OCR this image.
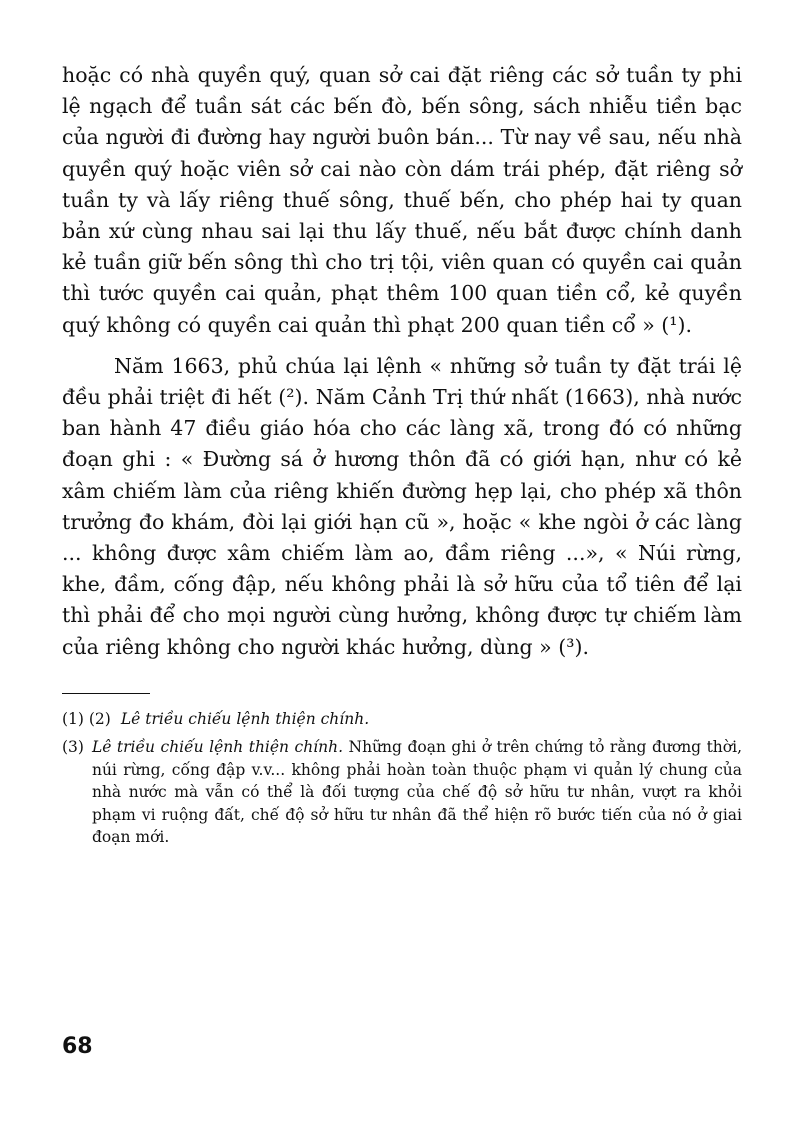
hoặc có nhà quyền quý, quan sở cai đặt riêng các sở tuần ty phi lệ ngạch để tuần sát các bến đò, bến sông, sách nhiễu tiền bạc của người đi đường hay người buôn bán... Từ nay về sau, nếu nhà quyền quý hoặc viên sở cai nào còn dám trái phép, đặt riêng sở tuần ty và lấy riêng thuế sông, thuế bến, cho phép hai ty quan bản xứ cùng nhau sai lại thu lấy thuế, nếu bắt được chính danh kẻ tuần giữ bến sông thì cho trị tội, viên quan có quyền cai quản thì tước quyền cai quản, phạt thêm 100 quan tiền cổ, kẻ quyền quý không có quyền cai quản thì phạt 200 quan tiền cổ » (¹).

Năm 1663, phủ chúa lại lệnh « những sở tuần ty đặt trái lệ đều phải triệt đi hết (²). Năm Cảnh Trị thứ nhất (1663), nhà nước ban hành 47 điều giáo hóa cho các làng xã, trong đó có những đoạn ghi : « Đường sá ở hương thôn đã có giới hạn, như có kẻ xâm chiếm làm của riêng khiến đường hẹp lại, cho phép xã thôn trưởng đo khám, đòi lại giới hạn cũ », hoặc « khe ngòi ở các làng ... không được xâm chiếm làm ao, đầm riêng ...», « Núi rừng, khe, đầm, cống đập, nếu không phải là sở hữu của tổ tiên để lại thì phải để cho mọi người cùng hưởng, không được tự chiếm làm của riêng không cho người khác hưởng, dùng » (³).

(1) (2) Lê triều chiếu lệnh thiện chính.
(3) Lê triều chiếu lệnh thiện chính. Những đoạn ghi ở trên chứng tỏ rằng đương thời, núi rừng, cống đập v.v... không phải hoàn toàn thuộc phạm vi quản lý chung của nhà nước mà vẫn có thể là đối tượng của chế độ sở hữu tư nhân, vượt ra khỏi phạm vi ruộng đất, chế độ sở hữu tư nhân đã thể hiện rõ bước tiến của nó ở giai đoạn mới.
68
